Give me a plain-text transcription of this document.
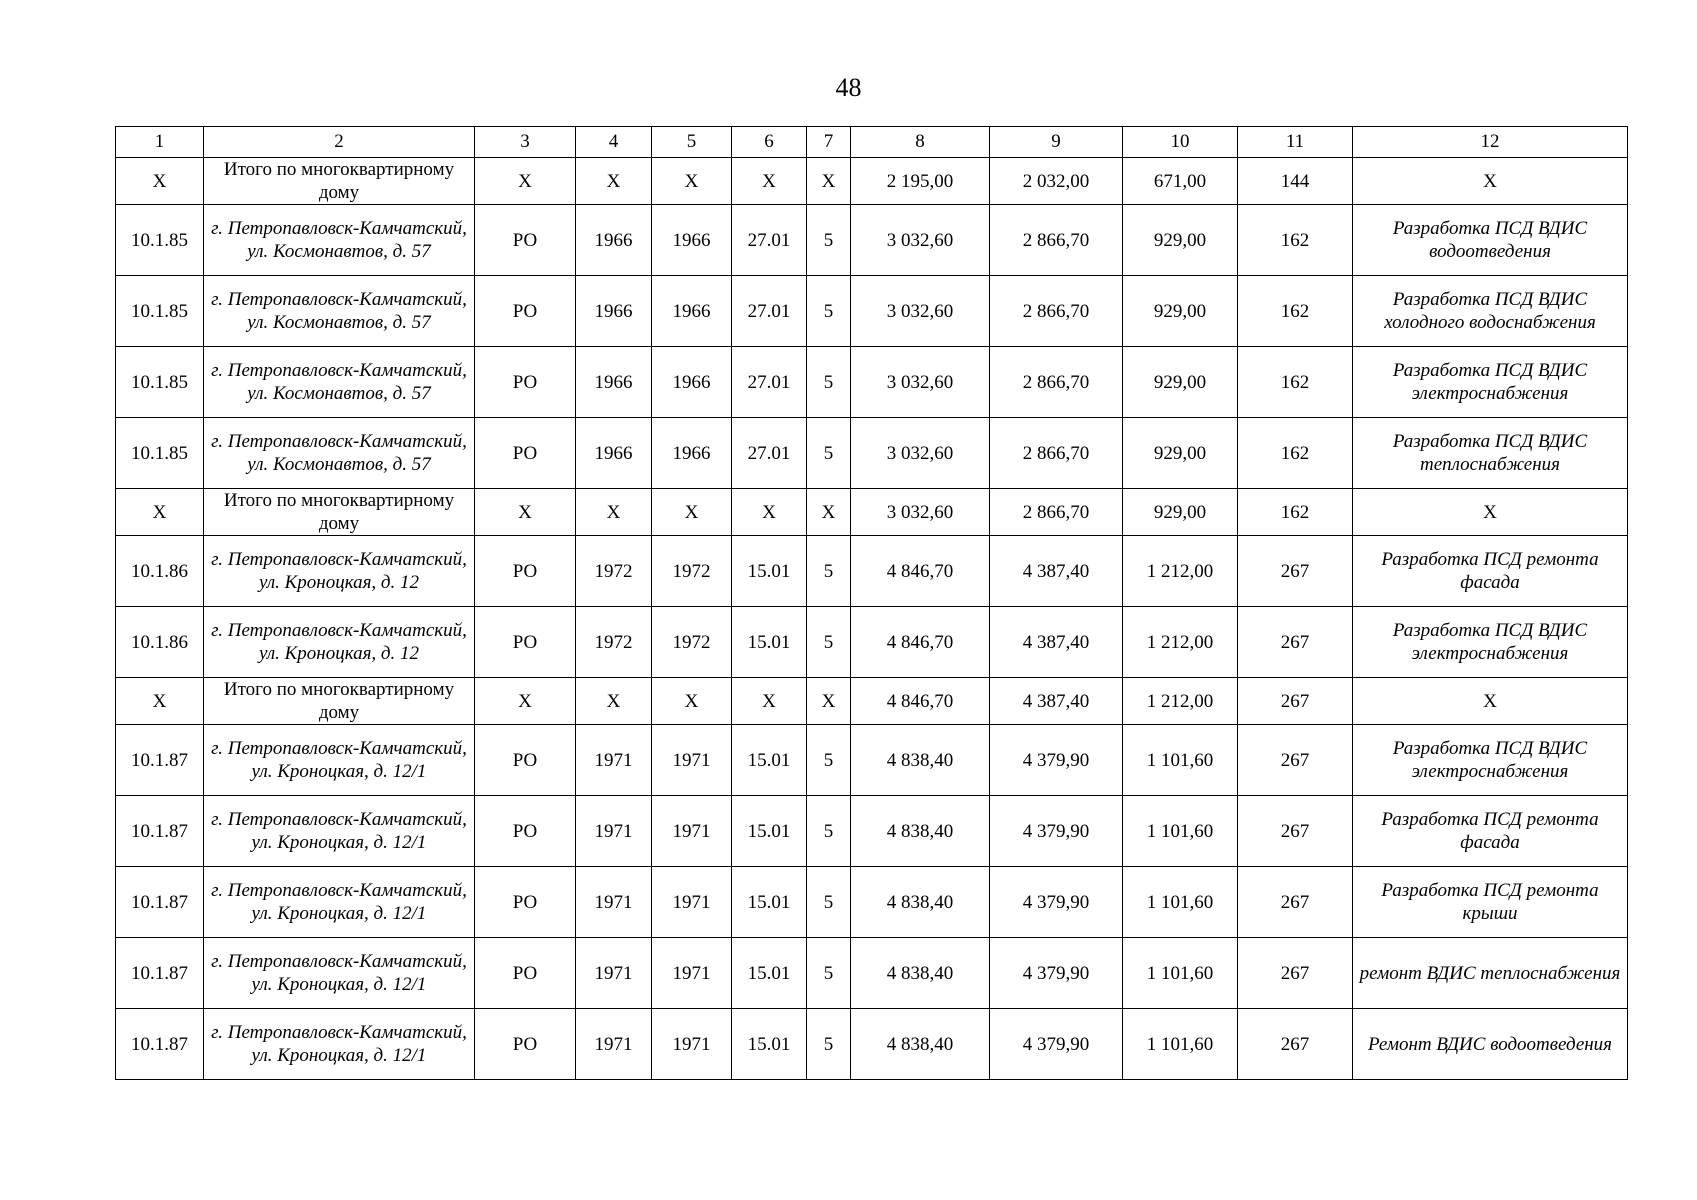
48
1	2	3	4	5	6	7	8	9	10	11	12
Х	Итого по многоквартирному дому	Х	Х	Х	Х	Х	2 195,00	2 032,00	671,00	144	Х
10.1.85	г. Петропавловск-Камчатский, ул. Космонавтов, д. 57	РО	1966	1966	27.01	5	3 032,60	2 866,70	929,00	162	Разработка ПСД ВДИС водоотведения
10.1.85	г. Петропавловск-Камчатский, ул. Космонавтов, д. 57	РО	1966	1966	27.01	5	3 032,60	2 866,70	929,00	162	Разработка ПСД ВДИС холодного водоснабжения
10.1.85	г. Петропавловск-Камчатский, ул. Космонавтов, д. 57	РО	1966	1966	27.01	5	3 032,60	2 866,70	929,00	162	Разработка ПСД ВДИС электроснабжения
10.1.85	г. Петропавловск-Камчатский, ул. Космонавтов, д. 57	РО	1966	1966	27.01	5	3 032,60	2 866,70	929,00	162	Разработка ПСД ВДИС теплоснабжения
Х	Итого по многоквартирному дому	Х	Х	Х	Х	Х	3 032,60	2 866,70	929,00	162	Х
10.1.86	г. Петропавловск-Камчатский, ул. Кроноцкая, д. 12	РО	1972	1972	15.01	5	4 846,70	4 387,40	1 212,00	267	Разработка ПСД ремонта фасада
10.1.86	г. Петропавловск-Камчатский, ул. Кроноцкая, д. 12	РО	1972	1972	15.01	5	4 846,70	4 387,40	1 212,00	267	Разработка ПСД ВДИС электроснабжения
Х	Итого по многоквартирному дому	Х	Х	Х	Х	Х	4 846,70	4 387,40	1 212,00	267	Х
10.1.87	г. Петропавловск-Камчатский, ул. Кроноцкая, д. 12/1	РО	1971	1971	15.01	5	4 838,40	4 379,90	1 101,60	267	Разработка ПСД ВДИС электроснабжения
10.1.87	г. Петропавловск-Камчатский, ул. Кроноцкая, д. 12/1	РО	1971	1971	15.01	5	4 838,40	4 379,90	1 101,60	267	Разработка ПСД ремонта фасада
10.1.87	г. Петропавловск-Камчатский, ул. Кроноцкая, д. 12/1	РО	1971	1971	15.01	5	4 838,40	4 379,90	1 101,60	267	Разработка ПСД ремонта крыши
10.1.87	г. Петропавловск-Камчатский, ул. Кроноцкая, д. 12/1	РО	1971	1971	15.01	5	4 838,40	4 379,90	1 101,60	267	ремонт ВДИС теплоснабжения
10.1.87	г. Петропавловск-Камчатский, ул. Кроноцкая, д. 12/1	РО	1971	1971	15.01	5	4 838,40	4 379,90	1 101,60	267	Ремонт ВДИС водоотведения
